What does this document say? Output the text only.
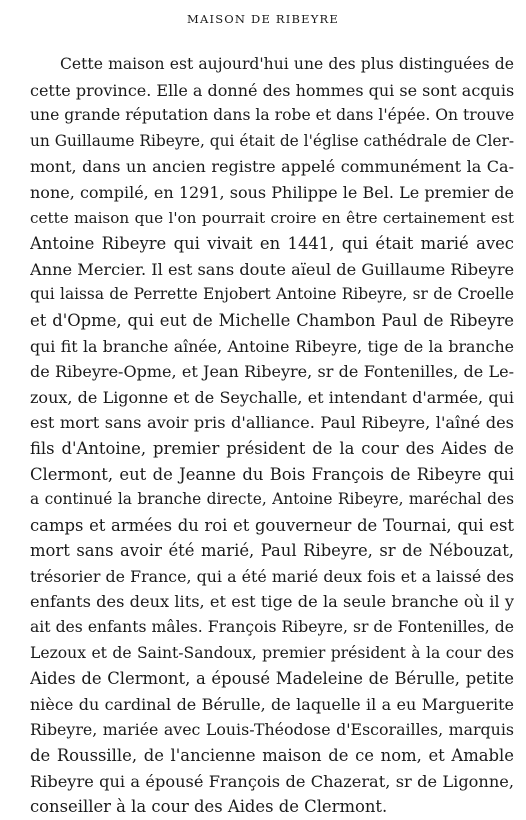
MAISON DE RIBEYRE
Cette maison est aujourd'hui une des plus distinguées de
cette province. Elle a donné des hommes qui se sont acquis
une grande réputation dans la robe et dans l'épée. On trouve
un Guillaume Ribeyre, qui était de l'église cathédrale de Cler-
mont, dans un ancien registre appelé communément la Ca-
none, compilé, en 1291, sous Philippe le Bel. Le premier de
cette maison que l'on pourrait croire en être certainement est
Antoine Ribeyre qui vivait en 1441, qui était marié avec
Anne Mercier. Il est sans doute aïeul de Guillaume Ribeyre
qui laissa de Perrette Enjobert Antoine Ribeyre, sr de Croelle
et d'Opme, qui eut de Michelle Chambon Paul de Ribeyre
qui fit la branche aînée, Antoine Ribeyre, tige de la branche
de Ribeyre-Opme, et Jean Ribeyre, sr de Fontenilles, de Le-
zoux, de Ligonne et de Seychalle, et intendant d'armée, qui
est mort sans avoir pris d'alliance. Paul Ribeyre, l'aîné des
fils d'Antoine, premier président de la cour des Aides de
Clermont, eut de Jeanne du Bois François de Ribeyre qui
a continué la branche directe, Antoine Ribeyre, maréchal des
camps et armées du roi et gouverneur de Tournai, qui est
mort sans avoir été marié, Paul Ribeyre, sr de Nébouzat,
trésorier de France, qui a été marié deux fois et a laissé des
enfants des deux lits, et est tige de la seule branche où il y
ait des enfants mâles. François Ribeyre, sr de Fontenilles, de
Lezoux et de Saint-Sandoux, premier président à la cour des
Aides de Clermont, a épousé Madeleine de Bérulle, petite
nièce du cardinal de Bérulle, de laquelle il a eu Marguerite
Ribeyre, mariée avec Louis-Théodose d'Escorailles, marquis
de Roussille, de l'ancienne maison de ce nom, et Amable
Ribeyre qui a épousé François de Chazerat, sr de Ligonne,
conseiller à la cour des Aides de Clermont.
